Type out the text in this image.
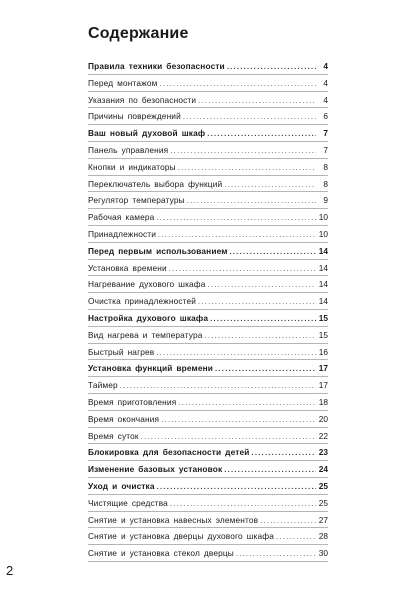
Содержание
Правила техники безопасности . . .	4
Перед монтажом . . .	4
Указания по безопасности . . .	4
Причины повреждений . . .	6
Ваш новый духовой шкаф . . .	7
Панель управления . . .	7
Кнопки и индикаторы . . .	8
Переключатель выбора функций . . .	8
Регулятор температуры . . .	9
Рабочая камера . . .	10
Принадлежности . . .	10
Перед первым использованием . . .	14
Установка времени . . .	14
Нагревание духового шкафа . . .	14
Очистка принадлежностей . . .	14
Настройка духового шкафа . . .	15
Вид нагрева и температура . . .	15
Быстрый нагрев . . .	16
Установка функций времени . . .	17
Таймер . . .	17
Время приготовления . . .	18
Время окончания . . .	20
Время суток . . .	22
Блокировка для безопасности детей . . .	23
Изменение базовых установок . . .	24
Уход и очистка . . .	25
Чистящие средства . . .	25
Снятие и установка навесных элементов . . .	27
Снятие и установка дверцы духового шкафа . . .	28
Снятие и установка стекол дверцы . . .	30
2
